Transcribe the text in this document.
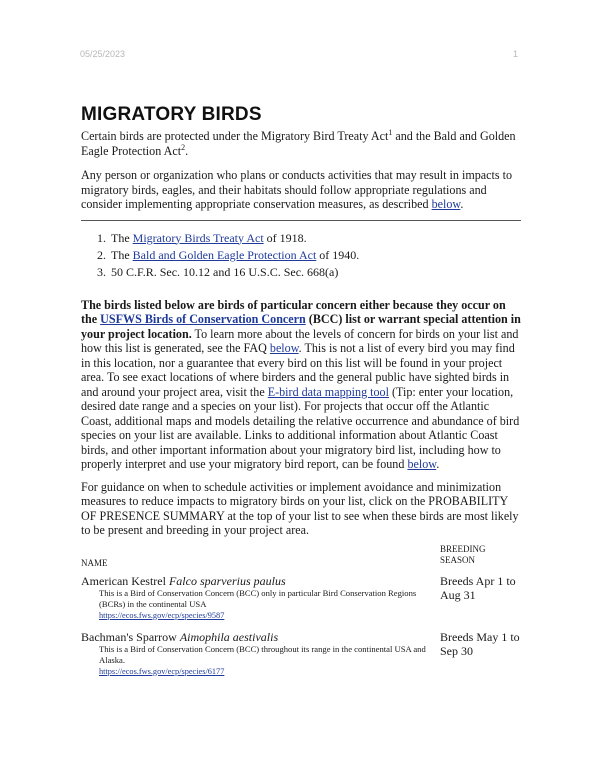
05/25/2023	1
MIGRATORY BIRDS

Certain birds are protected under the Migratory Bird Treaty Act$^1$ and the Bald and Golden Eagle Protection Act$^2$.

Any person or organization who plans or conducts activities that may result in impacts to migratory birds, eagles, and their habitats should follow appropriate regulations and consider implementing appropriate conservation measures, as described below.

1. The Migratory Birds Treaty Act of 1918.
2. The Bald and Golden Eagle Protection Act of 1940.
3. 50 C.F.R. Sec. 10.12 and 16 U.S.C. Sec. 668(a)

The birds listed below are birds of particular concern either because they occur on the USFWS Birds of Conservation Concern (BCC) list or warrant special attention in your project location. To learn more about the levels of concern for birds on your list and how this list is generated, see the FAQ below. This is not a list of every bird you may find in this location, nor a guarantee that every bird on this list will be found in your project area. To see exact locations of where birders and the general public have sighted birds in and around your project area, visit the E-bird data mapping tool (Tip: enter your location, desired date range and a species on your list). For projects that occur off the Atlantic Coast, additional maps and models detailing the relative occurrence and abundance of bird species on your list are available. Links to additional information about Atlantic Coast birds, and other important information about your migratory bird list, including how to properly interpret and use your migratory bird report, can be found below.

For guidance on when to schedule activities or implement avoidance and minimization measures to reduce impacts to migratory birds on your list, click on the PROBABILITY OF PRESENCE SUMMARY at the top of your list to see when these birds are most likely to be present and breeding in your project area.

BREEDING
SEASON
NAME
American Kestrel Falco sparverius paulus
This is a Bird of Conservation Concern (BCC) only in particular Bird Conservation Regions (BCRs) in the continental USA
https://ecos.fws.gov/ecp/species/9587
Breeds Apr 1 to Aug 31
Bachman's Sparrow Aimophila aestivalis
This is a Bird of Conservation Concern (BCC) throughout its range in the continental USA and Alaska.
https://ecos.fws.gov/ecp/species/6177
Breeds May 1 to Sep 30
